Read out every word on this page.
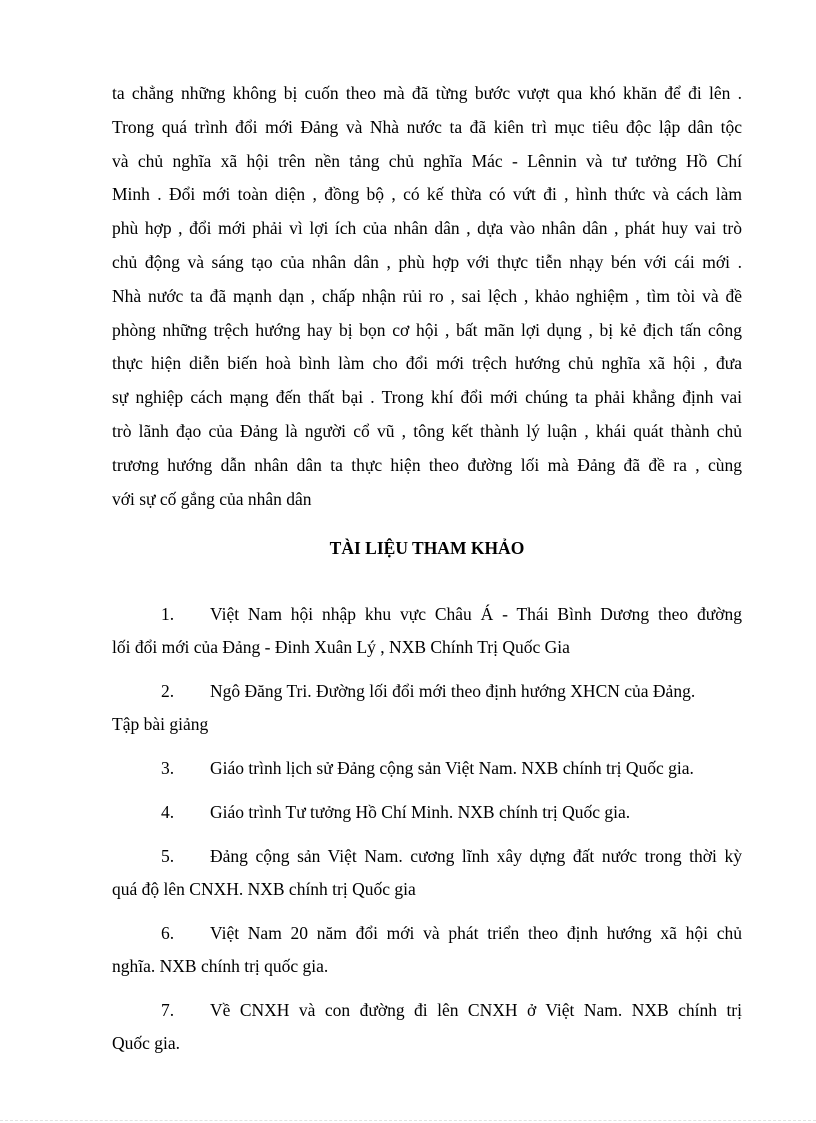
ta chẳng những không bị cuốn theo mà đã từng bước vượt qua khó khăn để đi lên .
Trong quá trình đổi mới Đảng và Nhà nước ta đã kiên trì mục tiêu độc lập dân tộc
và chủ nghĩa xã hội trên nền tảng chủ nghĩa Mác - Lênnin và tư tưởng Hồ Chí
Minh . Đổi mới toàn diện , đồng bộ , có kế thừa có vứt đi , hình thức và cách làm
phù hợp , đổi mới phải vì lợi ích của nhân dân , dựa vào nhân dân , phát huy vai trò
chủ động và sáng tạo của nhân dân , phù hợp với thực tiễn nhạy bén với cái mới .
Nhà nước ta đã mạnh dạn , chấp nhận rủi ro , sai lệch , khảo nghiệm , tìm tòi và đề
phòng những trệch hướng hay bị bọn cơ hội , bất mãn lợi dụng , bị kẻ địch tấn công
thực hiện diễn biến hoà bình làm cho đổi mới trệch hướng chủ nghĩa xã hội , đưa
sự nghiệp cách mạng đến thất bại . Trong khí đổi mới chúng ta phải khẳng định vai
trò lãnh đạo của Đảng là người cổ vũ , tông kết thành lý luận , khái quát thành chủ
trương hướng dẫn nhân dân ta thực hiện theo đường lối mà Đảng đã đề ra , cùng
với sự cố gắng của nhân dân
TÀI LIỆU THAM KHẢO
1. Việt Nam hội nhập khu vực Châu Á - Thái Bình Dương theo đường
lối đổi mới của Đảng - Đinh Xuân Lý , NXB Chính Trị Quốc Gia
2. Ngô Đăng Tri. Đường lối đổi mới theo định hướng XHCN của Đảng.
Tập bài giảng
3. Giáo trình lịch sử Đảng cộng sản Việt Nam. NXB chính trị Quốc gia.
4. Giáo trình Tư tưởng Hồ Chí Minh. NXB chính trị Quốc gia.
5. Đảng cộng sản Việt Nam. cương lĩnh xây dựng đất nước trong thời kỳ
quá độ lên CNXH. NXB chính trị Quốc gia
6. Việt Nam 20 năm đổi mới và phát triển theo định hướng xã hội chủ
nghĩa. NXB chính trị quốc gia.
7. Về CNXH và con đường đi lên CNXH ở Việt Nam. NXB chính trị
Quốc gia.
